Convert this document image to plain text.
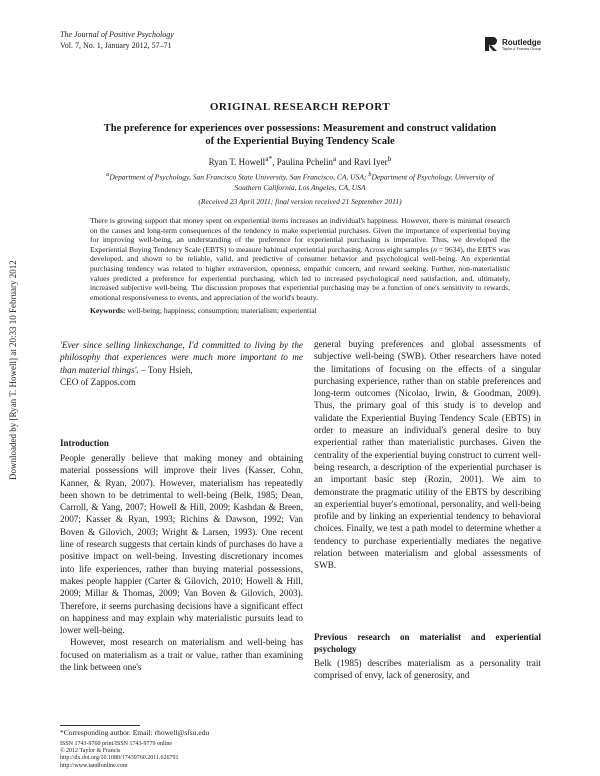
The Journal of Positive Psychology
Vol. 7, No. 1, January 2012, 57–71	Routledge
Taylor & Francis Group
ORIGINAL RESEARCH REPORT
The preference for experiences over possessions: Measurement and construct validation of the Experiential Buying Tendency Scale
Ryan T. Howell$^{a*}$, Paulina Pchelin$^a$ and Ravi Iyer$^b$
$^a$Department of Psychology, San Francisco State University, San Francisco, CA, USA; $^b$Department of Psychology, University of Southern California, Los Angeles, CA, USA
(Received 23 April 2011; final version received 21 September 2011)
There is growing support that money spent on experiential items increases an individual's happiness. However, there is minimal research on the causes and long-term consequences of the tendency to make experiential purchases. Given the importance of experiential buying for improving well-being, an understanding of the preference for experiential purchasing is imperative. Thus, we developed the Experiential Buying Tendency Scale (EBTS) to measure habitual experiential purchasing. Across eight samples (n = 9634), the EBTS was developed, and shown to be reliable, valid, and predictive of consumer behavior and psychological well-being. An experiential purchasing tendency was related to higher extraversion, openness, empathic concern, and reward seeking. Further, non-materialistic values predicted a preference for experiential purchasing, which led to increased psychological need satisfaction, and, ultimately, increased subjective well-being. The discussion proposes that experiential purchasing may be a function of one's sensitivity to rewards, emotional responsiveness to events, and appreciation of the world's beauty.
Keywords: well-being; happiness; consumption; materialism; experiential
Downloaded by [Ryan T. Howell] at 20:33 10 February 2012	'Ever since selling linkexchange, I'd committed to living by the philosophy that experiences were much more important to me than material things'. – Tony Hsieh,
CEO of Zappos.com
Introduction

People generally believe that making money and obtaining material possessions will improve their lives (Kasser, Cohn, Kanner, & Ryan, 2007). However, materialism has repeatedly been shown to be detrimental to well-being (Belk, 1985; Dean, Carroll, & Yang, 2007; Howell & Hill, 2009; Kashdan & Breen, 2007; Kasser & Ryan, 1993; Richins & Dawson, 1992; Van Boven & Gilovich, 2003; Wright & Larsen, 1993). One recent line of research suggests that certain kinds of purchases do have a positive impact on well-being. Investing discretionary incomes into life experiences, rather than buying material possessions, makes people happier (Carter & Gilovich, 2010; Howell & Hill, 2009; Millar & Thomas, 2009; Van Boven & Gilovich, 2003). Therefore, it seems purchasing decisions have a significant effect on happiness and may explain why materialistic pursuits lead to lower well-being.

However, most research on materialism and well-being has focused on materialism as a trait or value, rather than examining the link between one's

general buying preferences and global assessments of subjective well-being (SWB). Other researchers have noted the limitations of focusing on the effects of a singular purchasing experience, rather than on stable preferences and long-term outcomes (Nicolao, Irwin, & Goodman, 2009). Thus, the primary goal of this study is to develop and validate the Experiential Buying Tendency Scale (EBTS) in order to measure an individual's general desire to buy experiential rather than materialistic purchases. Given the centrality of the experiential buying construct to current well-being research, a description of the experiential purchaser is an important basic step (Rozin, 2001). We aim to demonstrate the pragmatic utility of the EBTS by describing an experiential buyer's emotional, personality, and well-being profile and by linking an experiential tendency to behavioral choices. Finally, we test a path model to determine whether a tendency to purchase experientially mediates the negative relation between materialism and global assessments of SWB.
Previous research on materialist and experiential psychology
Belk (1985) describes materialism as a personality trait comprised of envy, lack of generosity, and
*Corresponding author. Email: rhowell@sfsu.edu
ISSN 1743-9760 print/ISSN 1743-9779 online
© 2012 Taylor & Francis
http://dx.doi.org/10.1080/17439760.2011.626791
http://www.tandfonline.com
